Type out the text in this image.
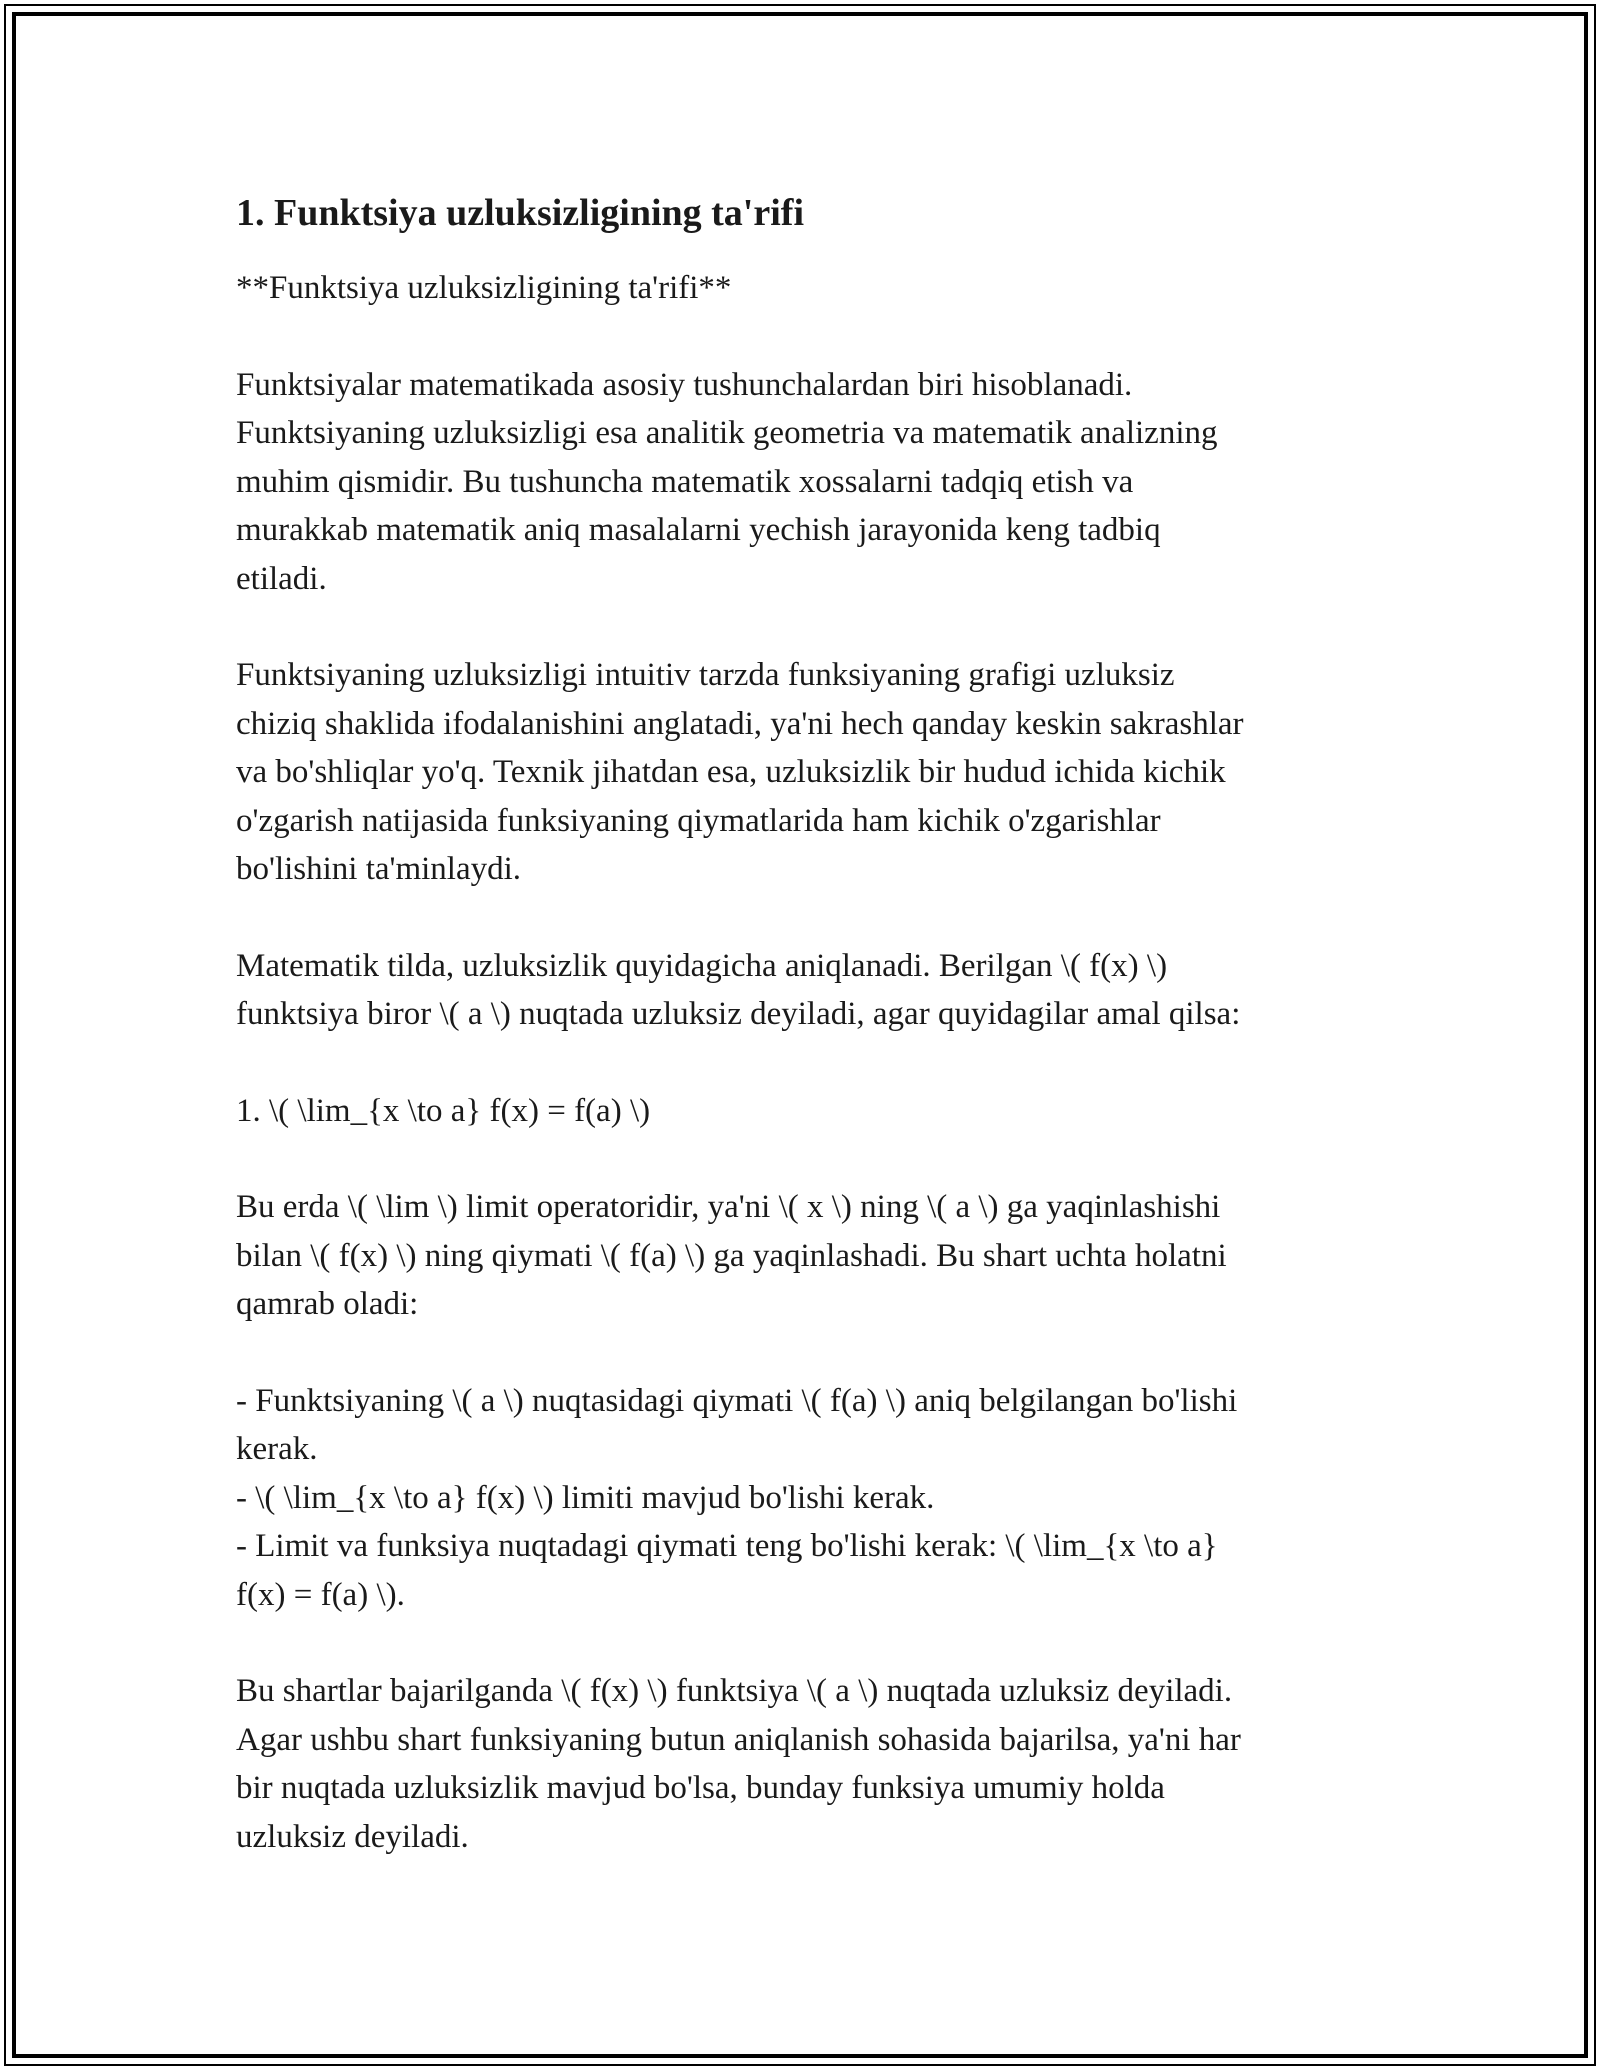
1. Funktsiya uzluksizligining ta'rifi

**Funktsiya uzluksizligining ta'rifi**

Funktsiyalar matematikada asosiy tushunchalardan biri hisoblanadi.
Funktsiyaning uzluksizligi esa analitik geometria va matematik analizning
muhim qismidir. Bu tushuncha matematik xossalarni tadqiq etish va
murakkab matematik aniq masalalarni yechish jarayonida keng tadbiq
etiladi.

Funktsiyaning uzluksizligi intuitiv tarzda funksiyaning grafigi uzluksiz
chiziq shaklida ifodalanishini anglatadi, ya'ni hech qanday keskin sakrashlar
va bo'shliqlar yo'q. Texnik jihatdan esa, uzluksizlik bir hudud ichida kichik
o'zgarish natijasida funksiyaning qiymatlarida ham kichik o'zgarishlar
bo'lishini ta'minlaydi.

Matematik tilda, uzluksizlik quyidagicha aniqlanadi. Berilgan \( f(x) \)
funktsiya biror \( a \) nuqtada uzluksiz deyiladi, agar quyidagilar amal qilsa:

1. \( \lim_{x \to a} f(x) = f(a) \)

Bu erda \( \lim \) limit operatoridir, ya'ni \( x \) ning \( a \) ga yaqinlashishi
bilan \( f(x) \) ning qiymati \( f(a) \) ga yaqinlashadi. Bu shart uchta holatni
qamrab oladi:

- Funktsiyaning \( a \) nuqtasidagi qiymati \( f(a) \) aniq belgilangan bo'lishi
kerak.
- \( \lim_{x \to a} f(x) \) limiti mavjud bo'lishi kerak.
- Limit va funksiya nuqtadagi qiymati teng bo'lishi kerak: \( \lim_{x \to a}
f(x) = f(a) \).

Bu shartlar bajarilganda \( f(x) \) funktsiya \( a \) nuqtada uzluksiz deyiladi.
Agar ushbu shart funksiyaning butun aniqlanish sohasida bajarilsa, ya'ni har
bir nuqtada uzluksizlik mavjud bo'lsa, bunday funksiya umumiy holda
uzluksiz deyiladi.
